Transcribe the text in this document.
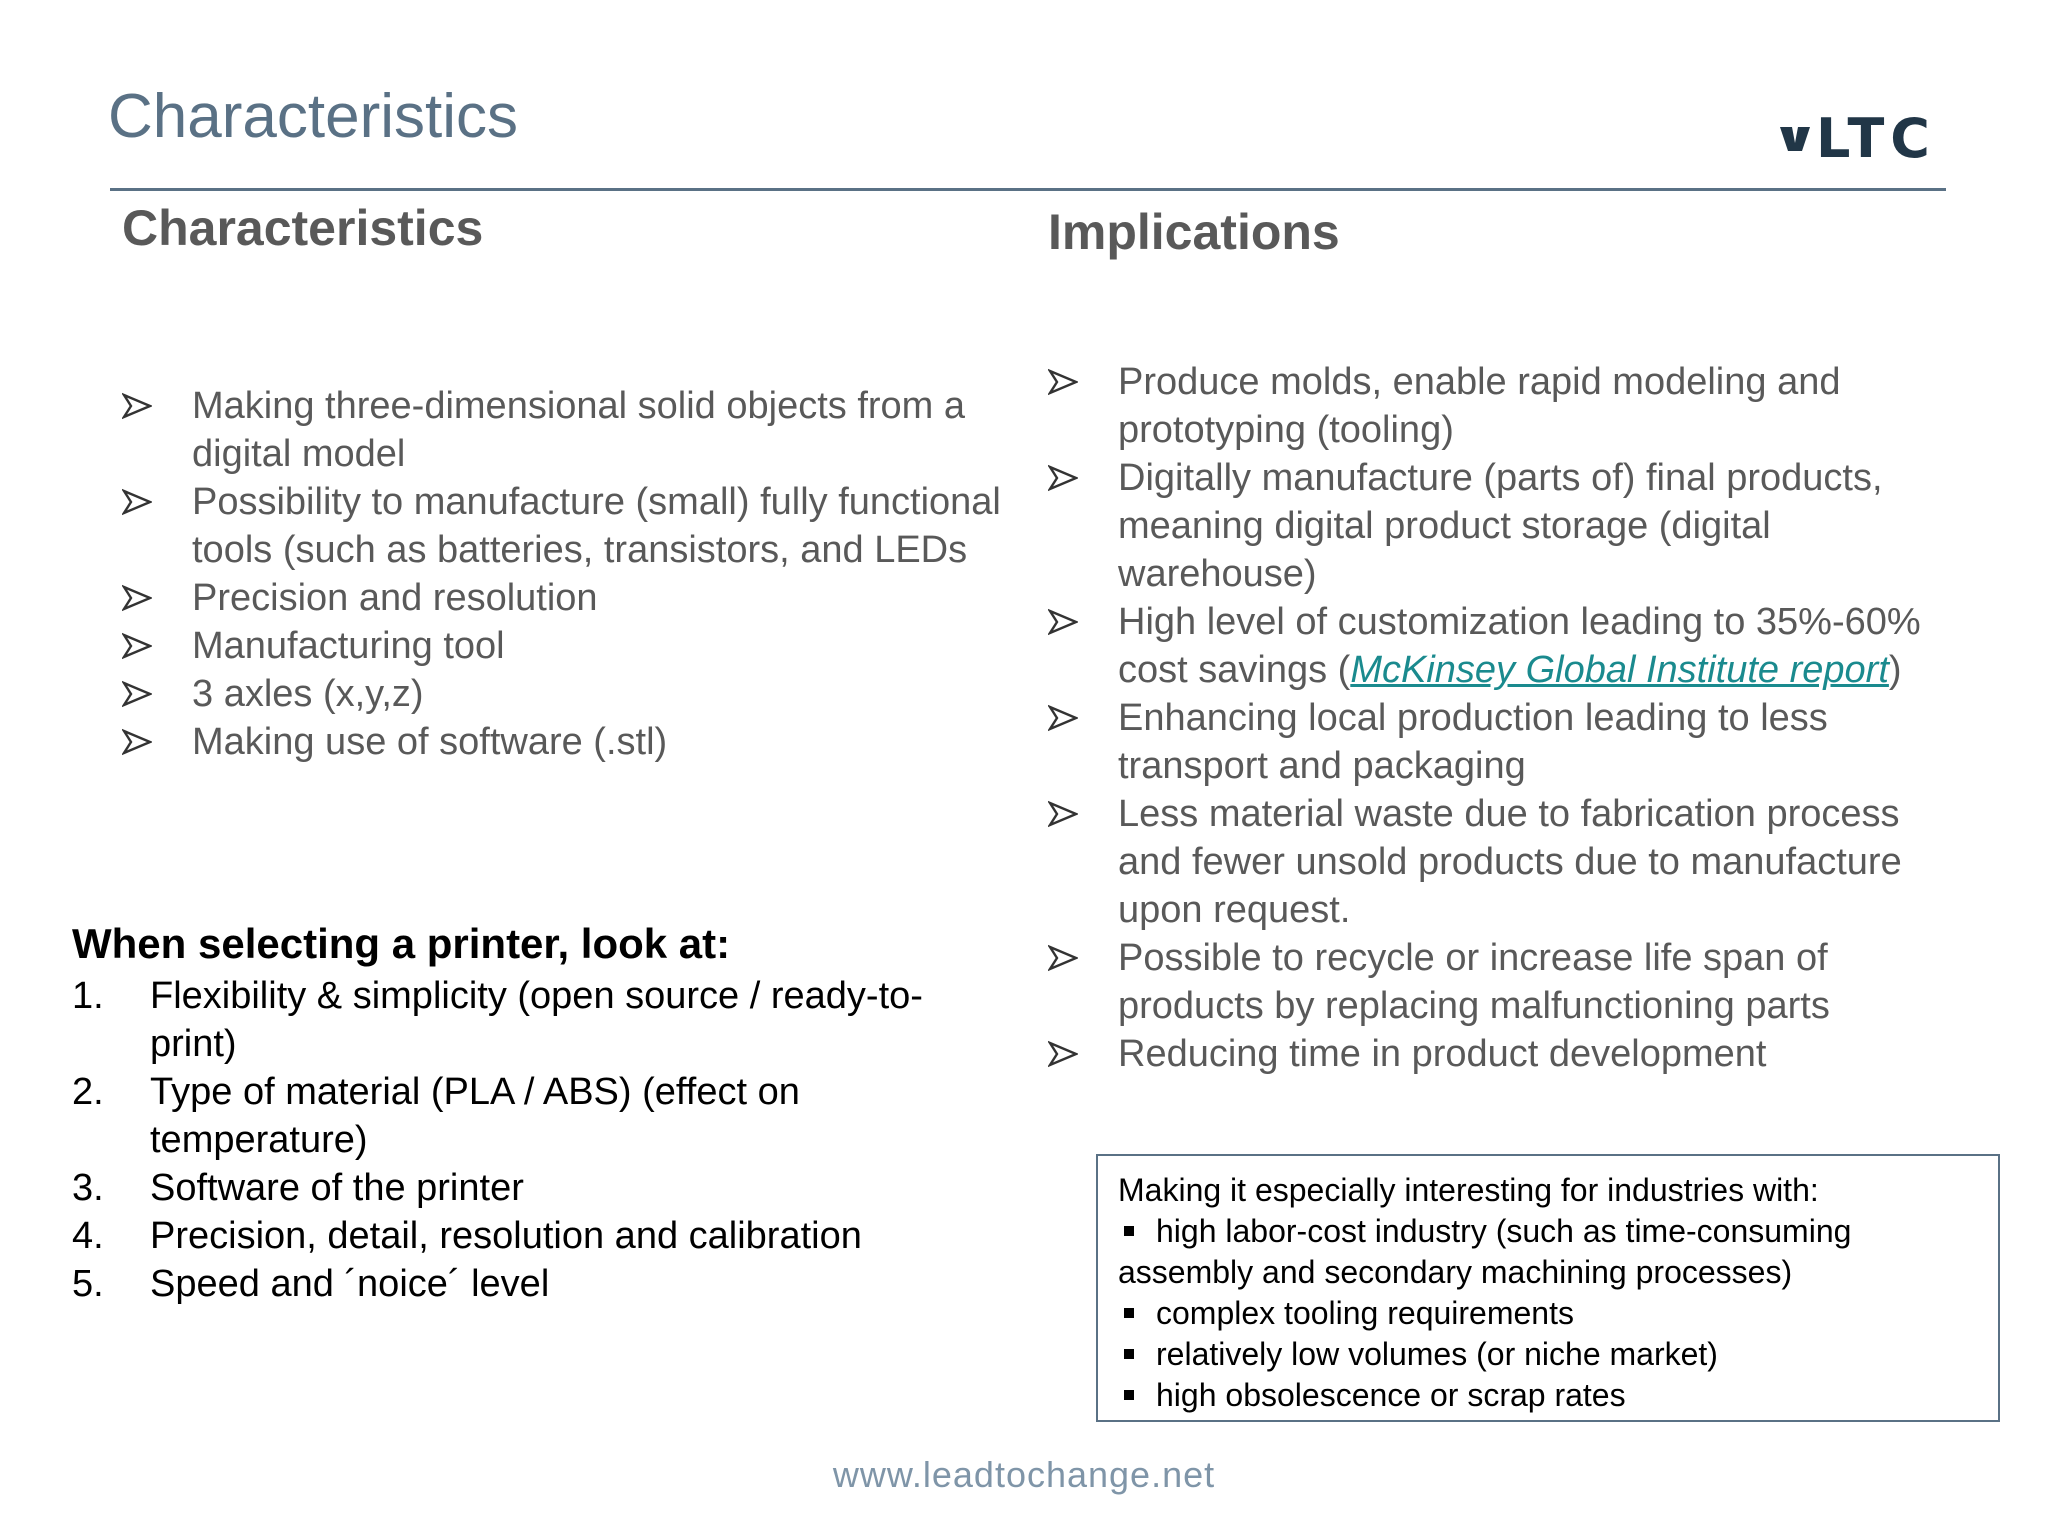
Characteristics	LTC
Characteristics	Implications
Making three-dimensional solid objects from a digital model
Possibility to manufacture (small) fully functional tools (such as batteries, transistors, and LEDs
Precision and resolution
Manufacturing tool
3 axles (x,y,z)
Making use of software (.stl)
When selecting a printer, look at:
1. Flexibility & simplicity (open source / ready-to-print)
2. Type of material (PLA / ABS) (effect on temperature)
3. Software of the printer
4. Precision, detail, resolution and calibration
5. Speed and ´noice´ level
Produce molds, enable rapid modeling and prototyping (tooling)
Digitally manufacture (parts of) final products, meaning digital product storage (digital warehouse)
High level of customization leading to 35%-60% cost savings (McKinsey Global Institute report)
Enhancing local production leading to less transport and packaging
Less material waste due to fabrication process and fewer unsold products due to manufacture upon request.
Possible to recycle or increase life span of products by replacing malfunctioning parts
Reducing time in product development
Making it especially interesting for industries with:
high labor-cost industry (such as time-consuming assembly and secondary machining processes)
complex tooling requirements
relatively low volumes (or niche market)
high obsolescence or scrap rates

www.leadtochange.net
